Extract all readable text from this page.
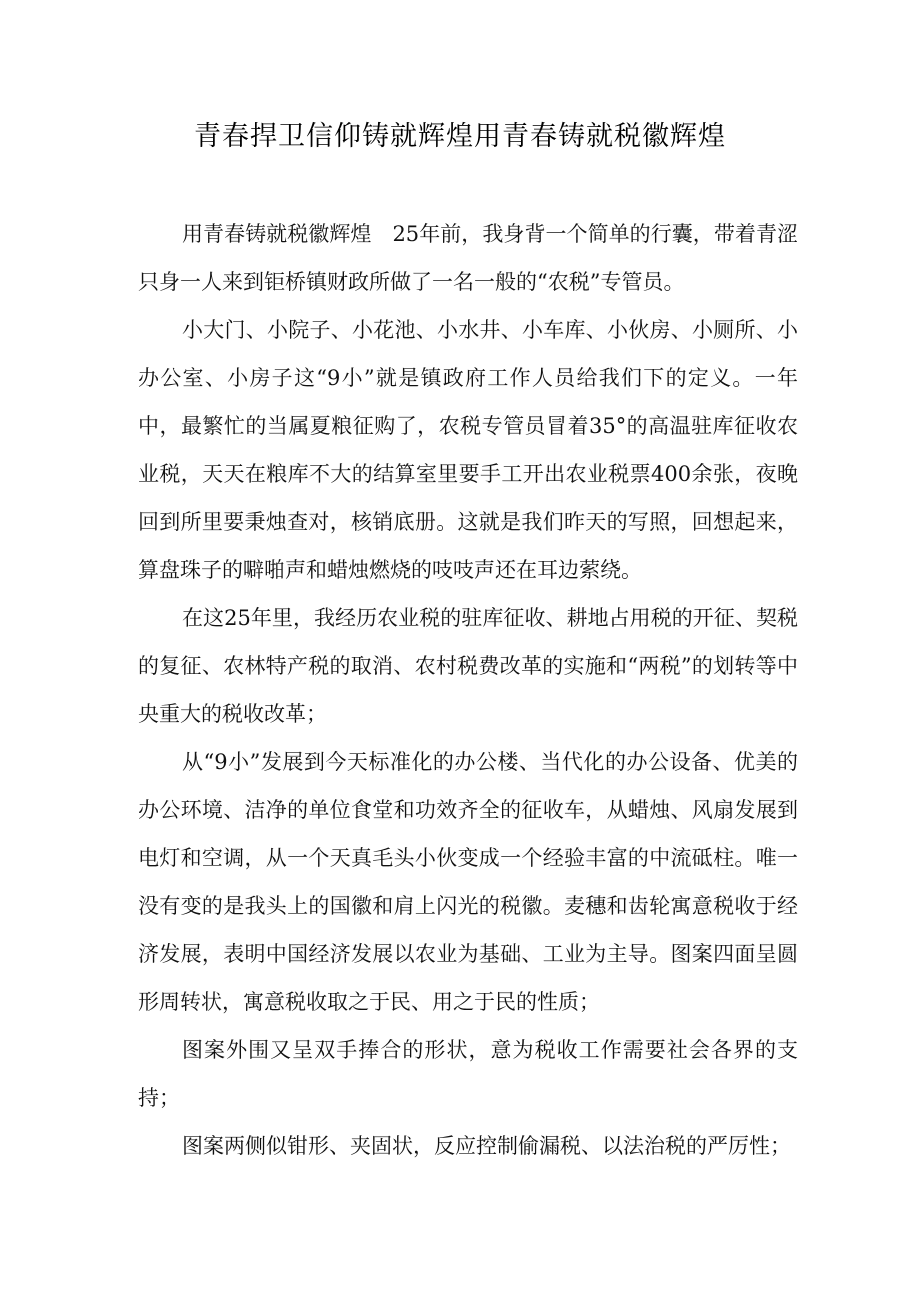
青春捍卫信仰铸就辉煌用青春铸就税徽辉煌

用青春铸就税徽辉煌　25年前，我身背一个简单的行囊，带着青涩只身一人来到钜桥镇财政所做了一名一般的“农税”专管员。

小大门、小院子、小花池、小水井、小车库、小伙房、小厕所、小办公室、小房子这“9小”就是镇政府工作人员给我们下的定义。一年中，最繁忙的当属夏粮征购了，农税专管员冒着35°的高温驻库征收农业税，天天在粮库不大的结算室里要手工开出农业税票400余张，夜晚回到所里要秉烛查对，核销底册。这就是我们昨天的写照，回想起来，算盘珠子的噼啪声和蜡烛燃烧的吱吱声还在耳边萦绕。

在这25年里，我经历农业税的驻库征收、耕地占用税的开征、契税的复征、农林特产税的取消、农村税费改革的实施和“两税”的划转等中央重大的税收改革；

从“9小”发展到今天标准化的办公楼、当代化的办公设备、优美的办公环境、洁净的单位食堂和功效齐全的征收车，从蜡烛、风扇发展到电灯和空调，从一个天真毛头小伙变成一个经验丰富的中流砥柱。唯一没有变的是我头上的国徽和肩上闪光的税徽。麦穗和齿轮寓意税收于经济发展，表明中国经济发展以农业为基础、工业为主导。图案四面呈圆形周转状，寓意税收取之于民、用之于民的性质；

图案外围又呈双手捧合的形状，意为税收工作需要社会各界的支持；

图案两侧似钳形、夹固状，反应控制偷漏税、以法治税的严厉性；
